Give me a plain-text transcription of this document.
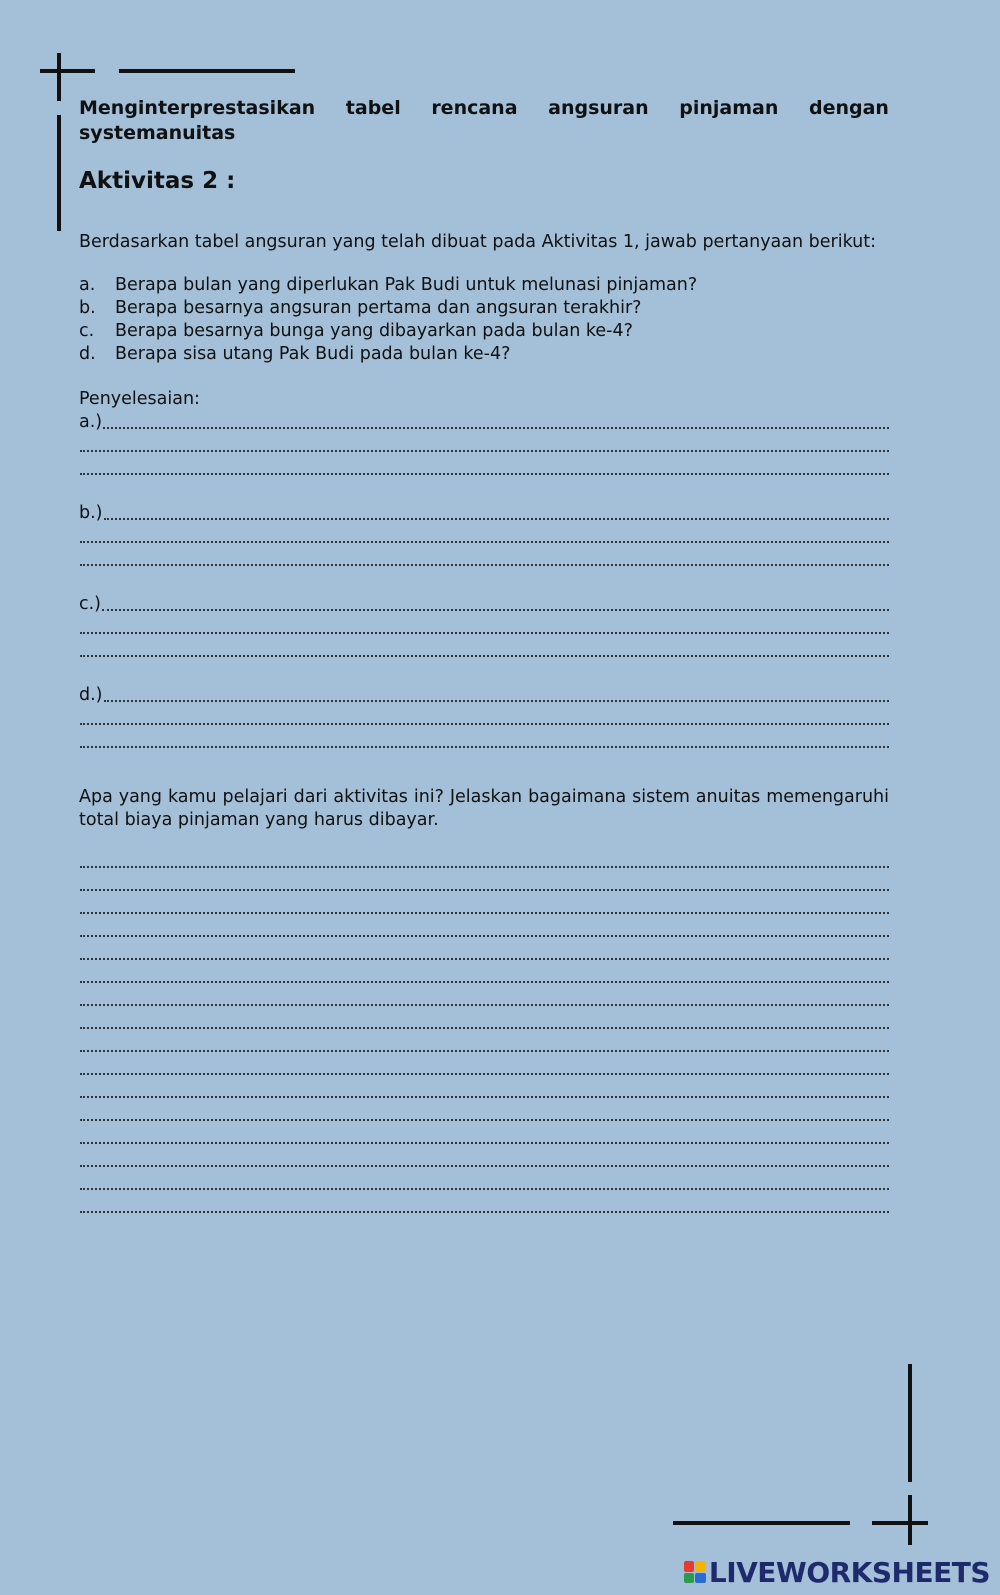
Menginterprestasikan tabel rencana angsuran pinjaman dengan systemanuitas
Aktivitas 2 :
Berdasarkan tabel angsuran yang telah dibuat pada Aktivitas 1, jawab pertanyaan berikut:
a.	Berapa bulan yang diperlukan Pak Budi untuk melunasi pinjaman?
b.	Berapa besarnya angsuran pertama dan angsuran terakhir?
c.	Berapa besarnya bunga yang dibayarkan pada bulan ke-4?
d.	Berapa sisa utang Pak Budi pada bulan ke-4?
Penyelesaian:
a.)
b.)
c.)
d.)
Apa yang kamu pelajari dari aktivitas ini? Jelaskan bagaimana sistem anuitas memengaruhi total biaya pinjaman yang harus dibayar.
LIVEWORKSHEETS
